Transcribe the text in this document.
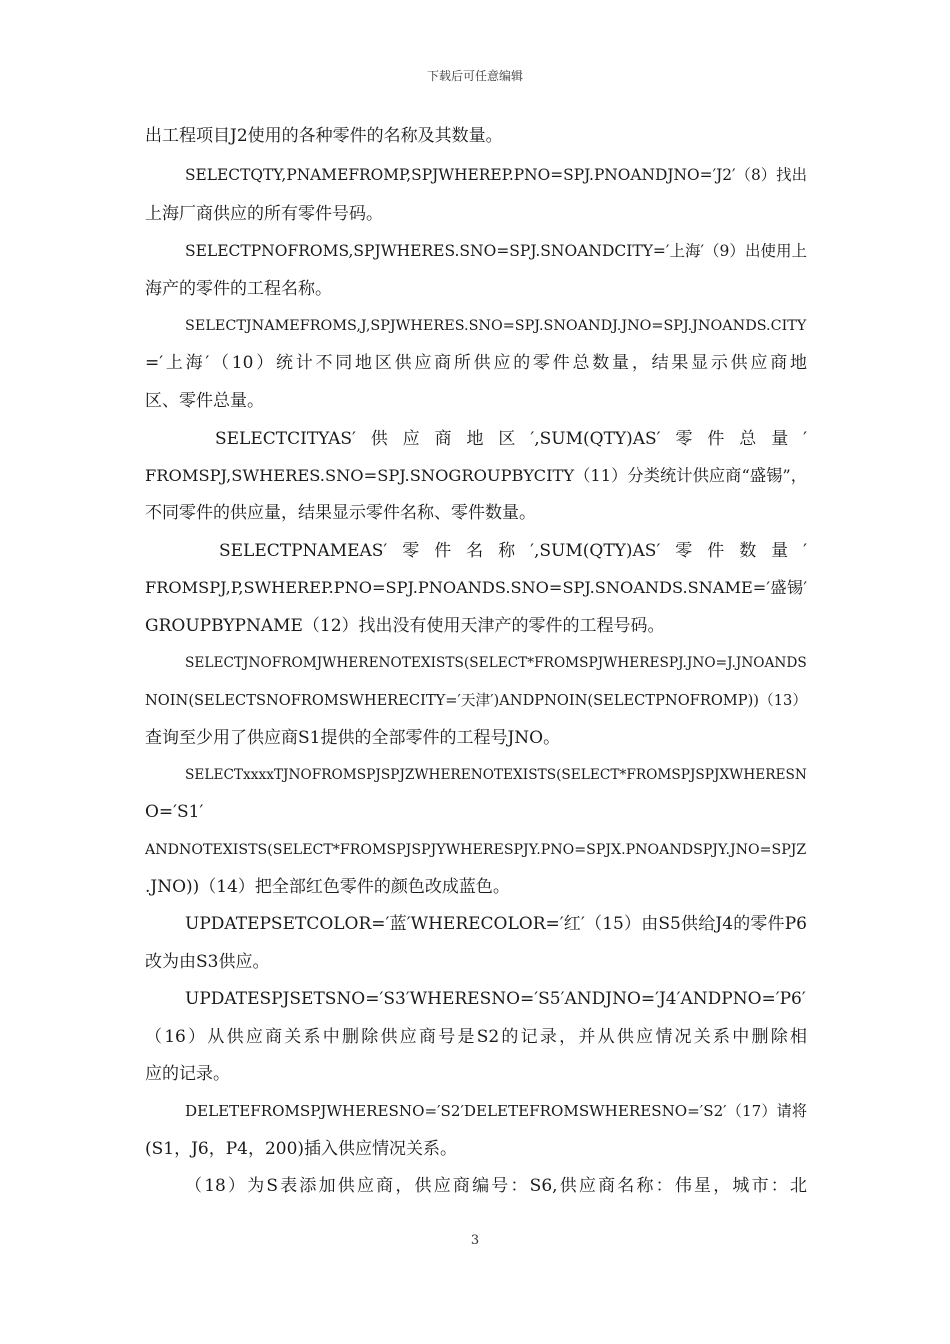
下载后可任意编辑
出工程项目J2使用的各种零件的名称及其数量。
SELECTQTY,PNAMEFROMP,SPJWHEREP.PNO=SPJ.PNOANDJNO=′J2′（8）找出
上海厂商供应的所有零件号码。
SELECTPNOFROMS,SPJWHERES.SNO=SPJ.SNOANDCITY=′上海′（9）出使用上
海产的零件的工程名称。
SELECTJNAMEFROMS,J,SPJWHERES.SNO=SPJ.SNOANDJ.JNO=SPJ.JNOANDS.CITY
=′上海′（10）统计不同地区供应商所供应的零件总数量，结果显示供应商地
区、零件总量。
SELECTCITYAS′供应商地区′,SUM(QTY)AS′零件总量′
FROMSPJ,SWHERES.SNO=SPJ.SNOGROUPBYCITY（11）分类统计供应商“盛锡”，
不同零件的供应量，结果显示零件名称、零件数量。
SELECTPNAMEAS′零件名称′,SUM(QTY)AS′零件数量′
FROMSPJ,P,SWHEREP.PNO=SPJ.PNOANDS.SNO=SPJ.SNOANDS.SNAME=′盛锡′
GROUPBYPNAME（12）找出没有使用天津产的零件的工程号码。
SELECTJNOFROMJWHERENOTEXISTS(SELECT*FROMSPJWHERESPJ.JNO=J.JNOANDS
NOIN(SELECTSNOFROMSWHERECITY=′天津′)ANDPNOIN(SELECTPNOFROMP))（13）
查询至少用了供应商S1提供的全部零件的工程号JNO。
SELECTxxxxTJNOFROMSPJSPJZWHERENOTEXISTS(SELECT*FROMSPJSPJXWHERESN
O=′S1′
ANDNOTEXISTS(SELECT*FROMSPJSPJYWHERESPJY.PNO=SPJX.PNOANDSPJY.JNO=SPJZ
.JNO))（14）把全部红色零件的颜色改成蓝色。
UPDATEPSETCOLOR=′蓝′WHERECOLOR=′红′（15）由S5供给J4的零件P6
改为由S3供应。
UPDATESPJSETSNO=′S3′WHERESNO=′S5′ANDJNO=′J4′ANDPNO=′P6′
（16）从供应商关系中删除供应商号是S2的记录，并从供应情况关系中删除相
应的记录。
DELETEFROMSPJWHERESNO=′S2′DELETEFROMSWHERESNO=′S2′（17）请将
(S1，J6，P4，200)插入供应情况关系。
（18）为S表添加供应商，供应商编号：S6,供应商名称：伟星，城市：北
3
